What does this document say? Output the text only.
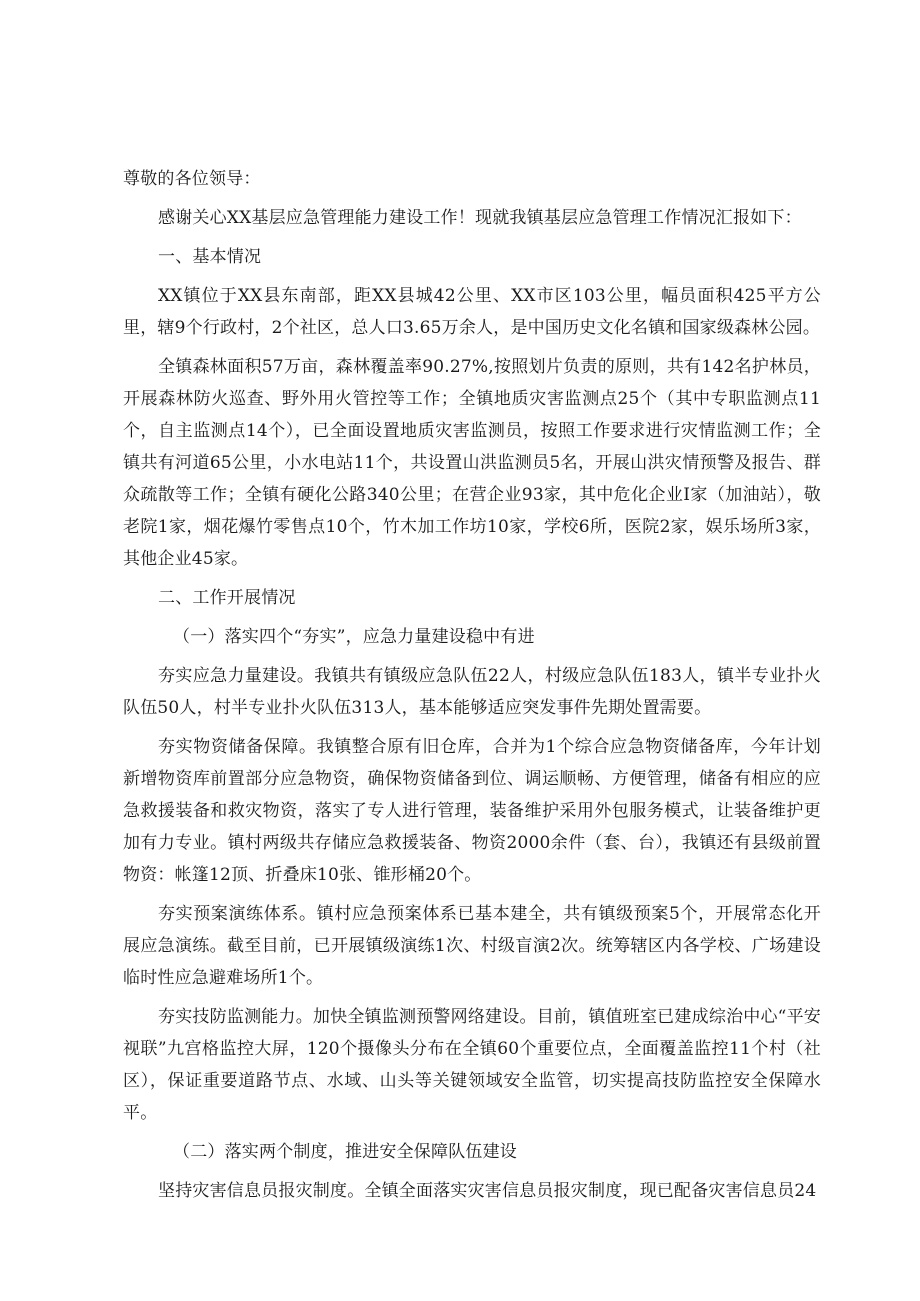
尊敬的各位领导：

感谢关心XX基层应急管理能力建设工作！现就我镇基层应急管理工作情况汇报如下：

一、基本情况

XX镇位于XX县东南部，距XX县城42公里、XX市区103公里，幅员面积425平方公里，辖9个行政村，2个社区，总人口3.65万余人，是中国历史文化名镇和国家级森林公园。

全镇森林面积57万亩，森林覆盖率90.27%,按照划片负责的原则，共有142名护林员，开展森林防火巡查、野外用火管控等工作；全镇地质灾害监测点25个（其中专职监测点11个，自主监测点14个），已全面设置地质灾害监测员，按照工作要求进行灾情监测工作；全镇共有河道65公里，小水电站11个，共设置山洪监测员5名，开展山洪灾情预警及报告、群众疏散等工作；全镇有硬化公路340公里；在营企业93家，其中危化企业I家（加油站），敬老院1家，烟花爆竹零售点10个，竹木加工作坊10家，学校6所，医院2家，娱乐场所3家，其他企业45家。

二、工作开展情况

（一）落实四个“夯实”，应急力量建设稳中有进

夯实应急力量建设。我镇共有镇级应急队伍22人，村级应急队伍183人，镇半专业扑火队伍50人，村半专业扑火队伍313人，基本能够适应突发事件先期处置需要。

夯实物资储备保障。我镇整合原有旧仓库，合并为1个综合应急物资储备库，今年计划新增物资库前置部分应急物资，确保物资储备到位、调运顺畅、方便管理，储备有相应的应急救援装备和救灾物资，落实了专人进行管理，装备维护采用外包服务模式，让装备维护更加有力专业。镇村两级共存储应急救援装备、物资2000余件（套、台），我镇还有县级前置物资：帐篷12顶、折叠床10张、锥形桶20个。

夯实预案演练体系。镇村应急预案体系已基本建全，共有镇级预案5个，开展常态化开展应急演练。截至目前，已开展镇级演练1次、村级盲演2次。统筹辖区内各学校、广场建设临时性应急避难场所1个。

夯实技防监测能力。加快全镇监测预警网络建设。目前，镇值班室已建成综治中心“平安视联”九宫格监控大屏，120个摄像头分布在全镇60个重要位点，全面覆盖监控11个村（社区），保证重要道路节点、水域、山头等关键领域安全监管，切实提高技防监控安全保障水平。

（二）落实两个制度，推进安全保障队伍建设

坚持灾害信息员报灾制度。全镇全面落实灾害信息员报灾制度，现已配备灾害信息员24
